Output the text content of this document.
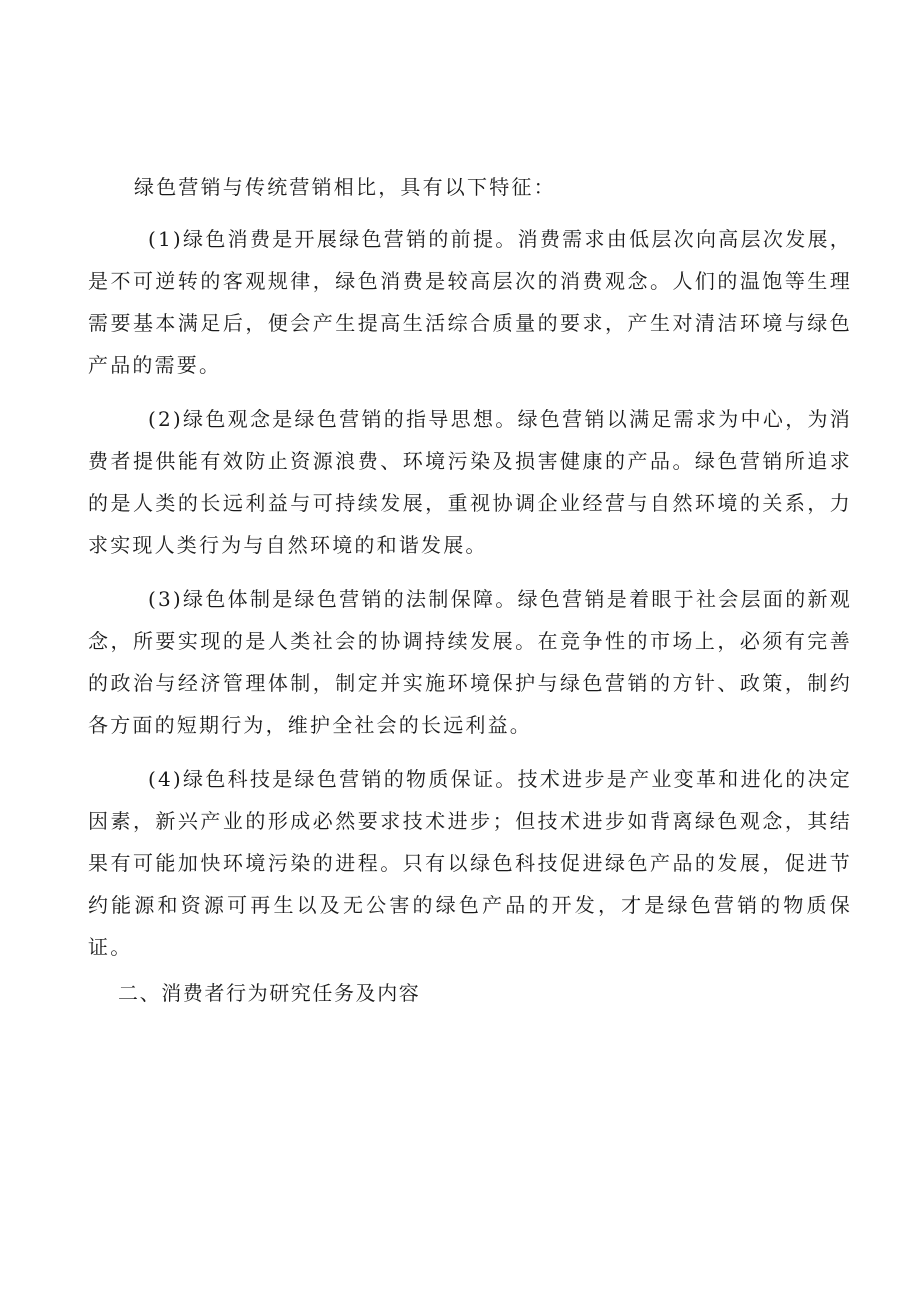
绿色营销与传统营销相比，具有以下特征：

(1)绿色消费是开展绿色营销的前提。消费需求由低层次向高层次发展，是不可逆转的客观规律，绿色消费是较高层次的消费观念。人们的温饱等生理需要基本满足后，便会产生提高生活综合质量的要求，产生对清洁环境与绿色产品的需要。

(2)绿色观念是绿色营销的指导思想。绿色营销以满足需求为中心，为消费者提供能有效防止资源浪费、环境污染及损害健康的产品。绿色营销所追求的是人类的长远利益与可持续发展，重视协调企业经营与自然环境的关系，力求实现人类行为与自然环境的和谐发展。

(3)绿色体制是绿色营销的法制保障。绿色营销是着眼于社会层面的新观念，所要实现的是人类社会的协调持续发展。在竞争性的市场上，必须有完善的政治与经济管理体制，制定并实施环境保护与绿色营销的方针、政策，制约各方面的短期行为，维护全社会的长远利益。

(4)绿色科技是绿色营销的物质保证。技术进步是产业变革和进化的决定因素，新兴产业的形成必然要求技术进步；但技术进步如背离绿色观念，其结果有可能加快环境污染的进程。只有以绿色科技促进绿色产品的发展，促进节约能源和资源可再生以及无公害的绿色产品的开发，才是绿色营销的物质保证。

二、消费者行为研究任务及内容
